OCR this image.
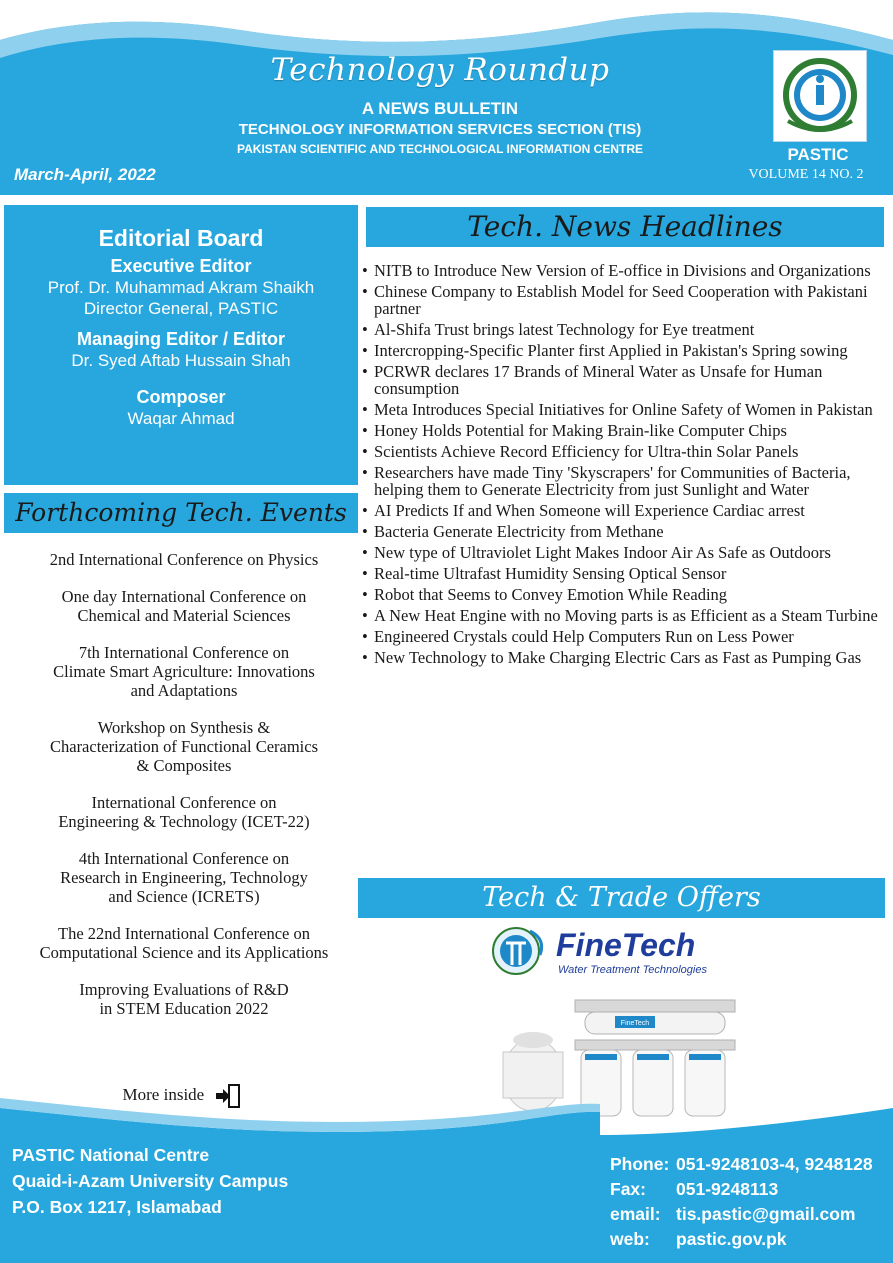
Technology Roundup
A NEWS BULLETIN
TECHNOLOGY INFORMATION SERVICES SECTION (TIS)
PAKISTAN SCIENTIFIC AND TECHNOLOGICAL INFORMATION CENTRE
March-April, 2022
PASTIC
VOLUME 14 NO. 2
Editorial Board
Executive Editor
Prof. Dr. Muhammad Akram Shaikh
Director General, PASTIC
Managing Editor / Editor
Dr. Syed Aftab Hussain Shah
Composer
Waqar Ahmad
Forthcoming Tech. Events
2nd International Conference on Physics
One day International Conference on
Chemical and Material Sciences
7th International Conference on
Climate Smart Agriculture: Innovations
and Adaptations
Workshop on Synthesis &
Characterization of Functional Ceramics
& Composites
International Conference on
Engineering & Technology (ICET-22)
4th International Conference on
Research in Engineering, Technology
and Science (ICRETS)
The 22nd International Conference on
Computational Science and its Applications
Improving Evaluations of R&D
in STEM Education 2022
More inside
Tech. News Headlines
• NITB to Introduce New Version of E-office in Divisions and Organizations
• Chinese Company to Establish Model for Seed Cooperation with Pakistani partner
• Al-Shifa Trust brings latest Technology for Eye treatment
• Intercropping-Specific Planter first Applied in Pakistan's Spring sowing
• PCRWR declares 17 Brands of Mineral Water as Unsafe for Human consumption
• Meta Introduces Special Initiatives for Online Safety of Women in Pakistan
• Honey Holds Potential for Making Brain-like Computer Chips
• Scientists Achieve Record Efficiency for Ultra-thin Solar Panels
• Researchers have made Tiny 'Skyscrapers' for Communities of Bacteria, helping them to Generate Electricity from just Sunlight and Water
• AI Predicts If and When Someone will Experience Cardiac arrest
• Bacteria Generate Electricity from Methane
• New type of Ultraviolet Light Makes Indoor Air As Safe as Outdoors
• Real-time Ultrafast Humidity Sensing Optical Sensor
• Robot that Seems to Convey Emotion While Reading
• A New Heat Engine with no Moving parts is as Efficient as a Steam Turbine
• Engineered Crystals could Help Computers Run on Less Power
• New Technology to Make Charging Electric Cars as Fast as Pumping Gas
Tech & Trade Offers
FineTech
Water Treatment Technologies
FineTech
PASTIC National Centre
Quaid-i-Azam University Campus
P.O. Box 1217, Islamabad
Phone: 051-9248103-4, 9248128
Fax: 051-9248113
email: tis.pastic@gmail.com
web: pastic.gov.pk
